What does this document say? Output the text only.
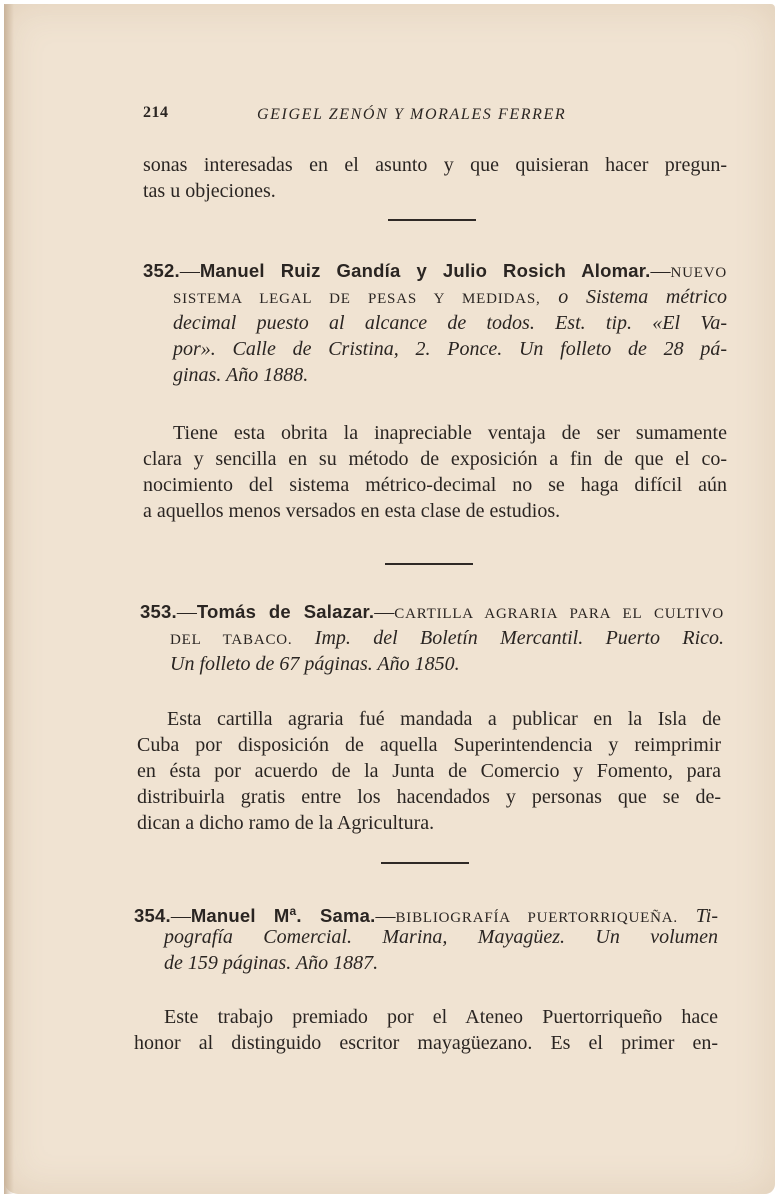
214	GEIGEL ZENÓN Y MORALES FERRER
sonas interesadas en el asunto y que quisieran hacer pregun-
tas u objeciones.
352.—Manuel Ruiz Gandía y Julio Rosich Alomar.—NUEVO
SISTEMA LEGAL DE PESAS Y MEDIDAS, o Sistema métrico
decimal puesto al alcance de todos. Est. tip. «El Va-
por». Calle de Cristina, 2. Ponce. Un folleto de 28 pá-
ginas. Año 1888.
Tiene esta obrita la inapreciable ventaja de ser sumamente
clara y sencilla en su método de exposición a fin de que el co-
nocimiento del sistema métrico-decimal no se haga difícil aún
a aquellos menos versados en esta clase de estudios.
353.—Tomás de Salazar.—CARTILLA AGRARIA PARA EL CULTIVO
DEL TABACO. Imp. del Boletín Mercantil. Puerto Rico.
Un folleto de 67 páginas. Año 1850.
Esta cartilla agraria fué mandada a publicar en la Isla de
Cuba por disposición de aquella Superintendencia y reimprimir
en ésta por acuerdo de la Junta de Comercio y Fomento, para
distribuirla gratis entre los hacendados y personas que se de-
dican a dicho ramo de la Agricultura.
354.—Manuel $M^a$. Sama.—BIBLIOGRAFÍA PUERTORRIQUEÑA. Ti-
pografía Comercial. Marina, Mayagüez. Un volumen
de 159 páginas. Año 1887.
Este trabajo premiado por el Ateneo Puertorriqueño hace
honor al distinguido escritor mayagüezano. Es el primer en-
